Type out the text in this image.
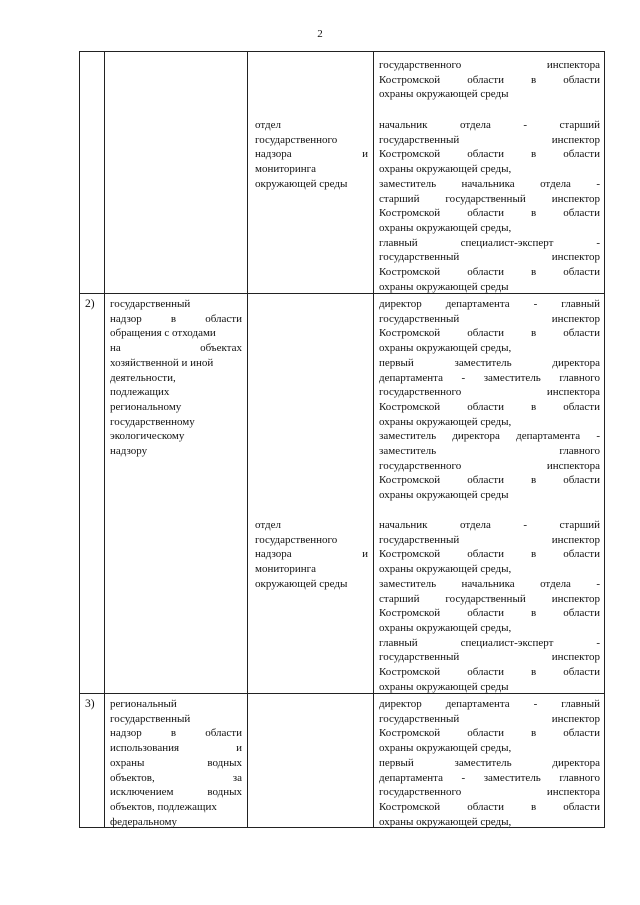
2
2)
3)
государственного инспектора
Костромской области в области
охраны окружающей среды
отдел
государственного
надзора и
мониторинга
окружающей среды
начальник отдела - старший
государственный инспектор
Костромской области в области
охраны окружающей среды,
заместитель начальника отдела -
старший государственный инспектор
Костромской области в области
охраны окружающей среды,
главный специалист-эксперт -
государственный инспектор
Костромской области в области
охраны окружающей среды
государственный
надзор в области
обращения с отходами
на объектах
хозяйственной и иной
деятельности,
подлежащих
региональному
государственному
экологическому
надзору
директор департамента - главный
государственный инспектор
Костромской области в области
охраны окружающей среды,
первый заместитель директора
департамента - заместитель главного
государственного инспектора
Костромской области в области
охраны окружающей среды,
заместитель директора департамента -
заместитель главного
государственного инспектора
Костромской области в области
охраны окружающей среды
отдел
государственного
надзора и
мониторинга
окружающей среды
начальник отдела - старший
государственный инспектор
Костромской области в области
охраны окружающей среды,
заместитель начальника отдела -
старший государственный инспектор
Костромской области в области
охраны окружающей среды,
главный специалист-эксперт -
государственный инспектор
Костромской области в области
охраны окружающей среды
региональный
государственный
надзор в области
использования и
охраны водных
объектов, за
исключением водных
объектов, подлежащих
федеральному
директор департамента - главный
государственный инспектор
Костромской области в области
охраны окружающей среды,
первый заместитель директора
департамента - заместитель главного
государственного инспектора
Костромской области в области
охраны окружающей среды,
